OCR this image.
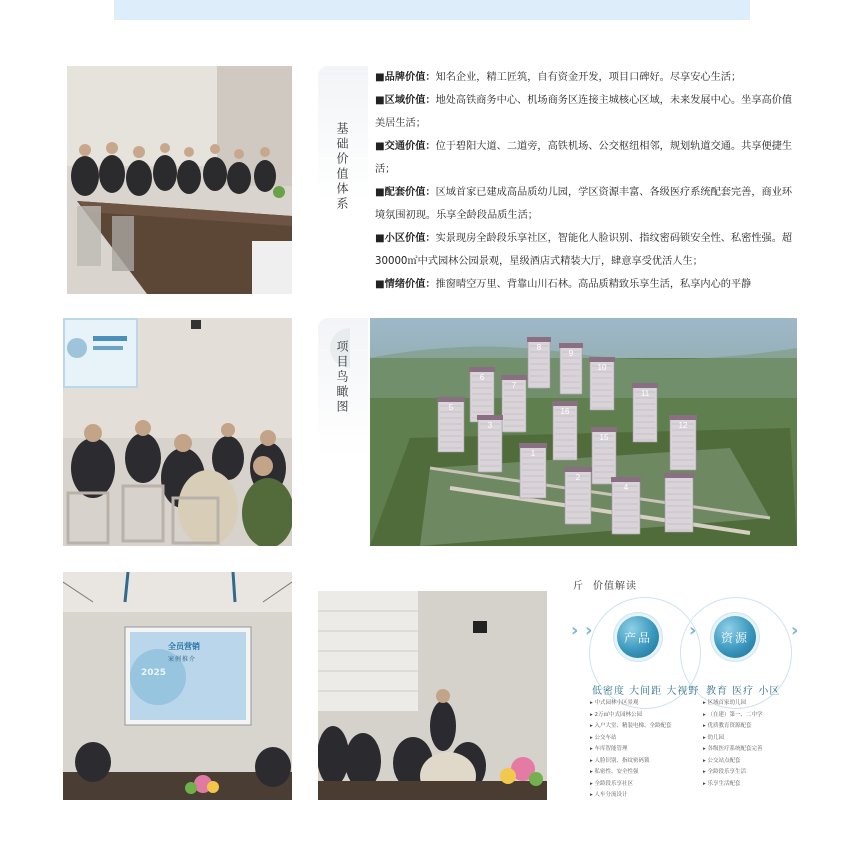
基础价值体系

■品牌价值：知名企业，精工匠筑，自有资金开发，项目口碑好。尽享安心生活；

■区域价值：地处高铁商务中心、机场商务区连接主城核心区域，未来发展中心。坐享高价值美居生活；

■交通价值：位于碧阳大道、二道旁，高铁机场、公交枢纽相邻，规划轨道交通。共享便捷生活；

■配套价值：区域首家已建成高品质幼儿园，学区资源丰富、各级医疗系统配套完善，商业环境氛围初现。乐享全龄段品质生活；

■小区价值：实景现房全龄段乐享社区，智能化人脸识别、指纹密码锁安全性、私密性强。超30000㎡中式园林公园景观，星级酒店式精装大厅，肆意享受优活人生；

■情绪价值：推窗晴空万里、背靠山川石林。高品质精致乐享生活，私享内心的平静

项目鸟瞰图	8
9
10
6
7
11
5	16
12
3
15
1
2
4
全员营销
案例推介
2025
斤 价值解读
› ›	产品	›	资源	›
低密度 大间距 大视野 教育 医疗 小区
▸ 中式园林小区景观
▸ 2万㎡中式园林公园
▸ 入户大堂、精装电梯、全龄配套
▸ 公交车站
▸ 车库智能管理
▸ 人脸识别、指纹密码锁
▸ 私密性、安全性强
▸ 全龄段乐享社区
▸ 人车分流设计
▸ 区域首家幼儿园
▸ （在建）第一、二中学
▸ 优质教育资源配套
▸ 幼儿园
▸ 各级医疗系统配套完善
▸ 公交站点配套
▸ 全龄段乐享生活
▸ 乐享生活配套
